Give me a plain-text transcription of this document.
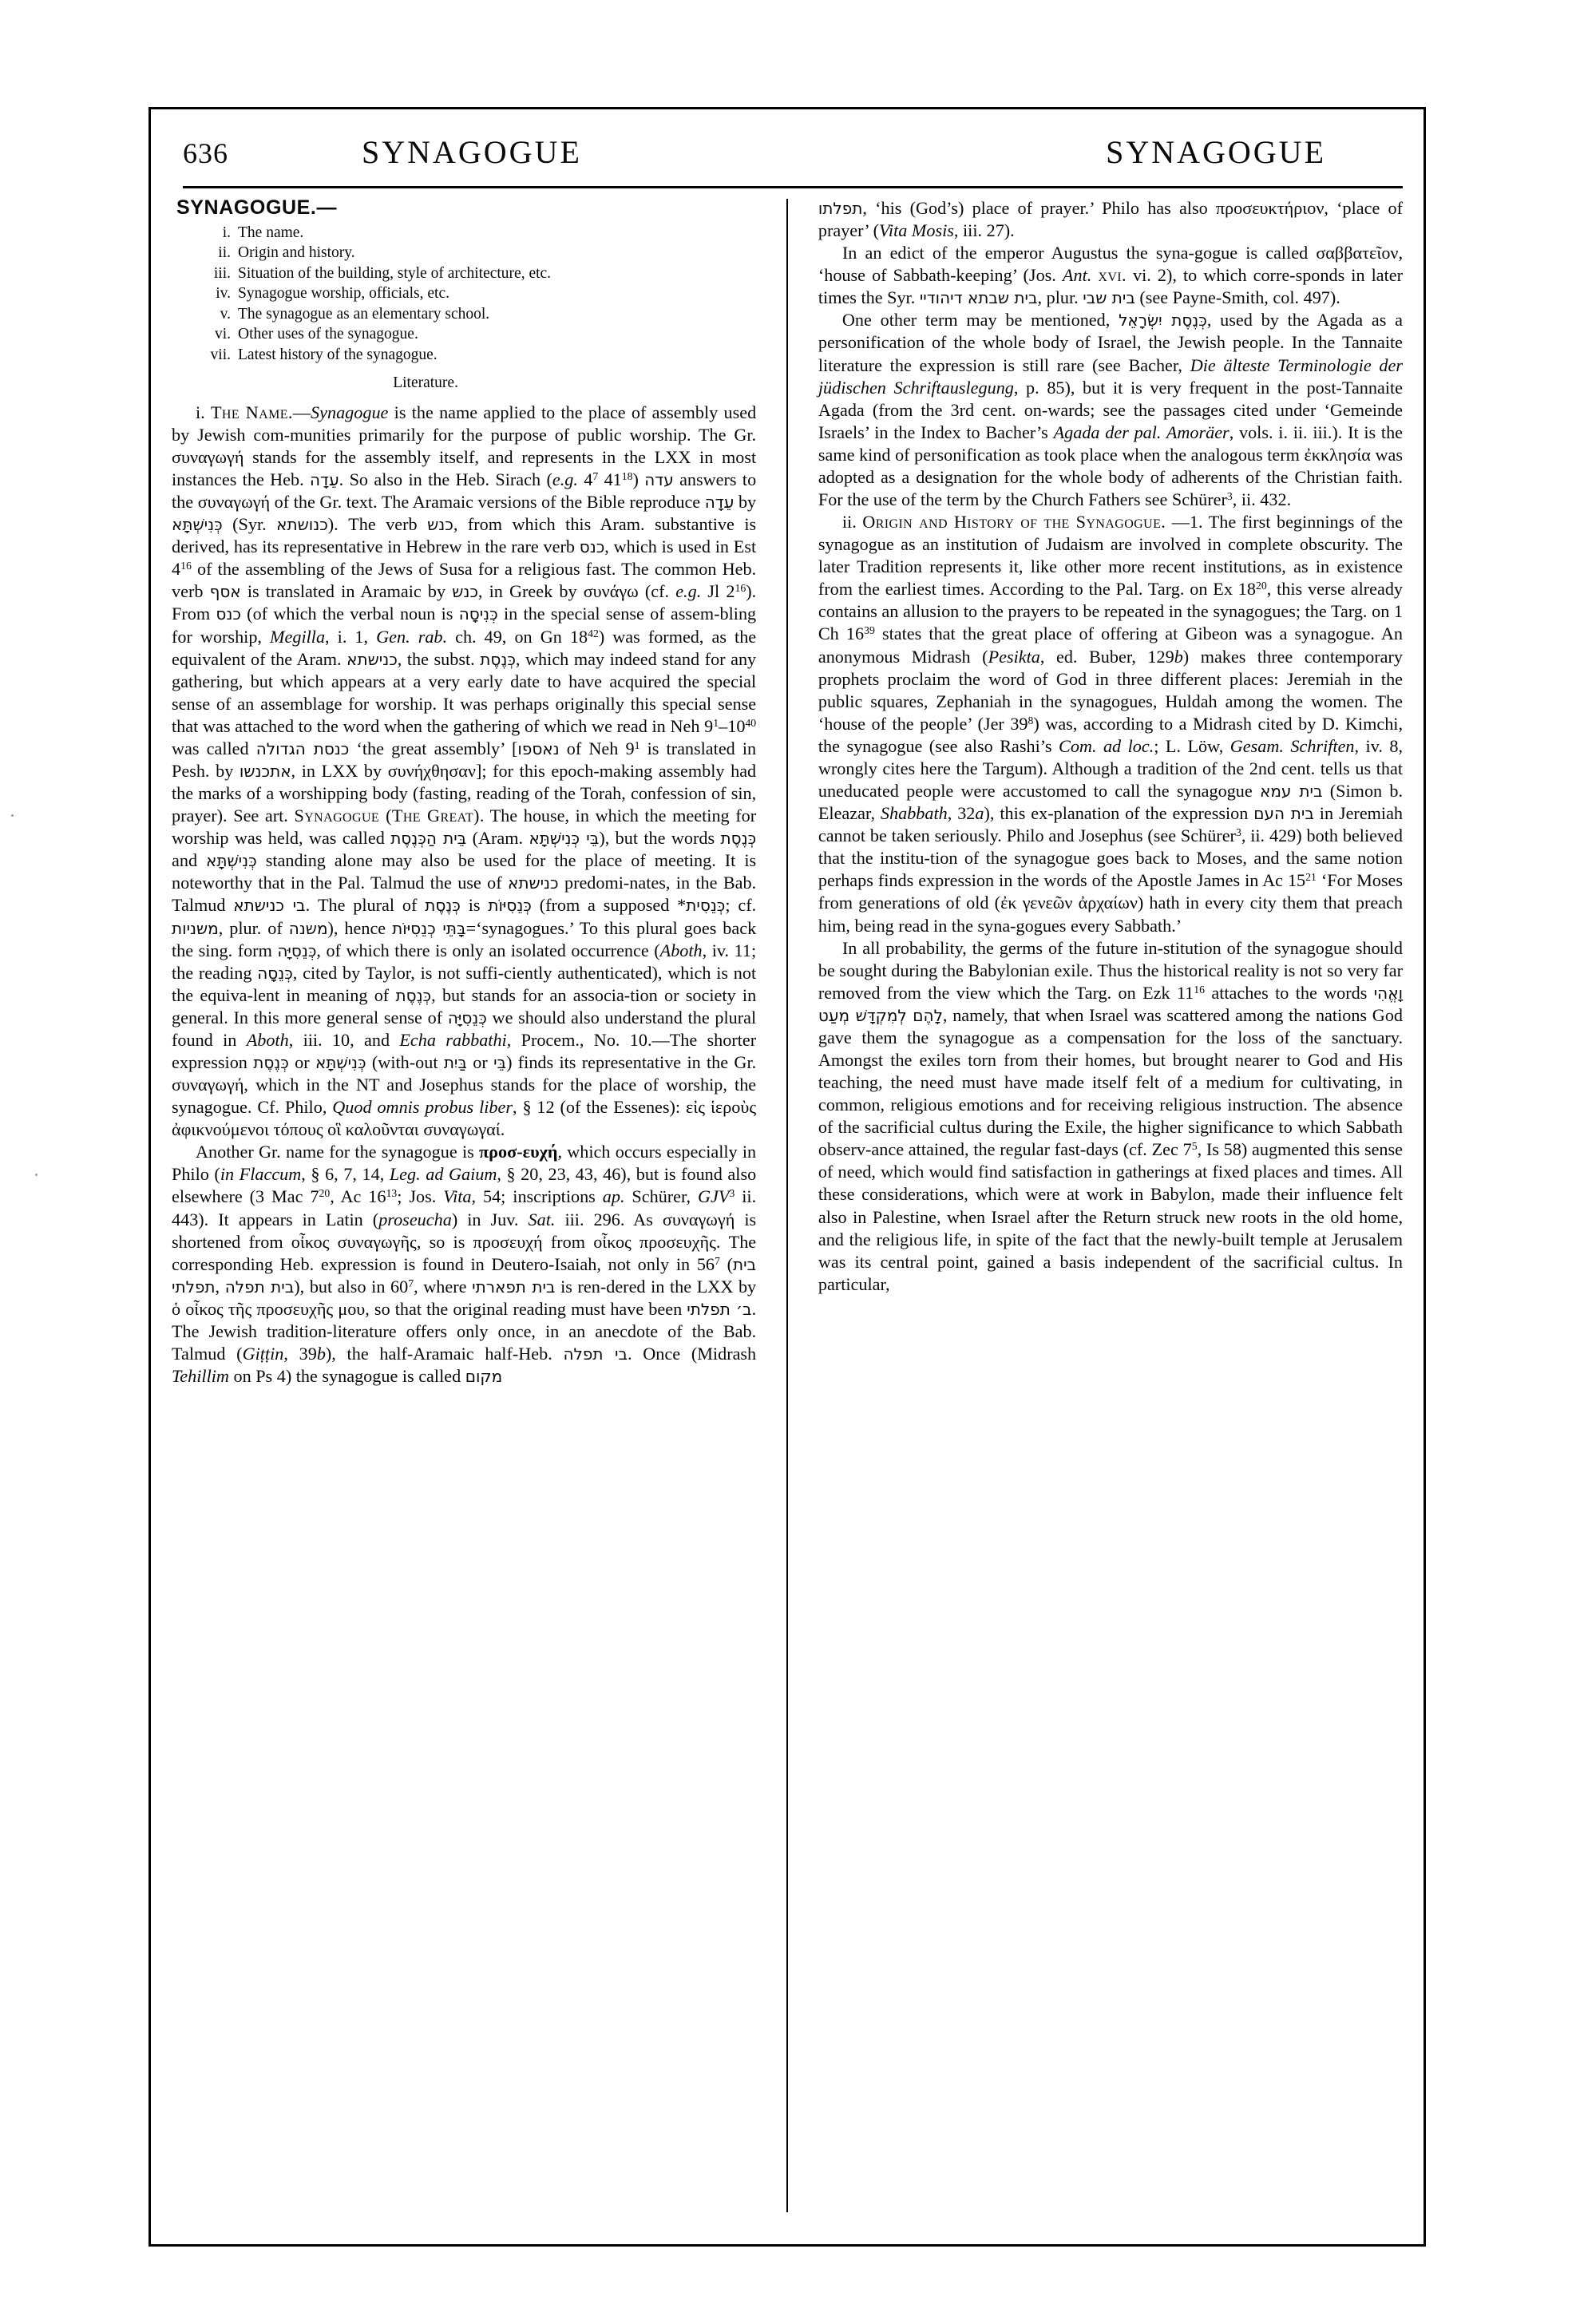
636	SYNAGOGUE	SYNAGOGUE
SYNAGOGUE.—
i. The name.
ii. Origin and history.
iii. Situation of the building, style of architecture, etc.
iv. Synagogue worship, officials, etc.
v. The synagogue as an elementary school.
vi. Other uses of the synagogue.
vii. Latest history of the synagogue.
Literature.

i. The Name.—Synagogue is the name applied to the place of assembly used by Jewish com-munities primarily for the purpose of public worship. The Gr. συναγωγή stands for the assembly itself, and represents in the LXX in most instances the Heb. עֵדָה. So also in the Heb. Sirach (e.g. $4^7$ $41^{18}$) עדה answers to the συναγωγή of the Gr. text. The Aramaic versions of the Bible reproduce עֵדָה by כְּנִישְׁתָּא (Syr. כנושתא). The verb כנש, from which this Aram. substantive is derived, has its representative in Hebrew in the rare verb כנס, which is used in Est $4^{16}$ of the assembling of the Jews of Susa for a religious fast. The common Heb. verb אסף is translated in Aramaic by כנש, in Greek by συνάγω (cf. e.g. Jl $2^{16}$). From כנס (of which the verbal noun is כְּנִיסָה in the special sense of assem-bling for worship, Megilla, i. 1, Gen. rab. ch. 49, on Gn $18^{42}$) was formed, as the equivalent of the Aram. כנישתא, the subst. כְּנֶסֶת, which may indeed stand for any gathering, but which appears at a very early date to have acquired the special sense of an assemblage for worship. It was perhaps originally this special sense that was attached to the word when the gathering of which we read in Neh $9^1-10^{40}$ was called כנסת הגדולה ‘the great assembly’ [נאספו of Neh $9^1$ is translated in Pesh. by אתכנשו, in LXX by συνήχθησαν]; for this epoch-making assembly had the marks of a worshipping body (fasting, reading of the Torah, confession of sin, prayer). See art. Synagogue (The Great). The house, in which the meeting for worship was held, was called בֵּית הַכְּנֶסֶת (Aram. בֵּי כְּנִישְׁתָּא), but the words כְּנֶסֶת and כְּנִישְׁתָּא standing alone may also be used for the place of meeting. It is noteworthy that in the Pal. Talmud the use of כנישתא predomi-nates, in the Bab. Talmud בי כנישתא. The plural of כְּנֶסֶת is כְּנֵסִיּוֹת (from a supposed *כְּנֵסִית; cf. משניות, plur. of משנה), hence בָּתֵּי כְנֵסִיּוֹת=‘synagogues.’ To this plural goes back the sing. form כְּנֵסִיָּה, of which there is only an isolated occurrence (Aboth, iv. 11; the reading כְּנֵסָה, cited by Taylor, is not suffi-ciently authenticated), which is not the equiva-lent in meaning of כְּנֶסֶת, but stands for an associa-tion or society in general. In this more general sense of כְּנֵסִיָּה we should also understand the plural found in Aboth, iii. 10, and Echa rabbathi, Procem., No. 10.—The shorter expression כְּנֶסֶת or כְּנִישְׁתָּא (with-out בַּיִת or בֵּי) finds its representative in the Gr. συναγωγή, which in the NT and Josephus stands for the place of worship, the synagogue. Cf. Philo, Quod omnis probus liber, § 12 (of the Essenes): εἰς ἱεροὺς ἀφικνούμενοι τόπους οἳ καλοῦνται συναγωγαί.

Another Gr. name for the synagogue is προσ-ευχή, which occurs especially in Philo (in Flaccum, § 6, 7, 14, Leg. ad Gaium, § 20, 23, 43, 46), but is found also elsewhere (3 Mac $7^{20}$, Ac $16^{13}$; Jos. Vita, 54; inscriptions ap. Schürer, GJV$^3$ ii. 443). It appears in Latin (proseucha) in Juv. Sat. iii. 296. As συναγωγή is shortened from οἶκος συναγωγῆς, so is προσευχή from οἶκος προσευχῆς. The corresponding Heb. expression is found in Deutero-Isaiah, not only in $56^7$ (בית תפלתי, בית תפלה), but also in $60^7$, where בית תפארתי is ren-dered in the LXX by ὁ οἶκος τῆς προσευχῆς μου, so that the original reading must have been ב׳ תפלתי. The Jewish tradition-literature offers only once, in an anecdote of the Bab. Talmud (Giṭṭin, 39b), the half-Aramaic half-Heb. בי תפלה. Once (Midrash Tehillim on Ps 4) the synagogue is called מקום

תפלתו, ‘his (God’s) place of prayer.’ Philo has also προσευκτήριον, ‘place of prayer’ (Vita Mosis, iii. 27).

In an edict of the emperor Augustus the syna-gogue is called σαββατεῖον, ‘house of Sabbath-keeping’ (Jos. Ant. xvi. vi. 2), to which corre-sponds in later times the Syr. בית שבתא דיהודיי, plur. בית שבי (see Payne-Smith, col. 497).

One other term may be mentioned, כְּנֶסֶת יִשְׂרָאֵל, used by the Agada as a personification of the whole body of Israel, the Jewish people. In the Tannaite literature the expression is still rare (see Bacher, Die älteste Terminologie der jüdischen Schriftauslegung, p. 85), but it is very frequent in the post-Tannaite Agada (from the 3rd cent. on-wards; see the passages cited under ‘Gemeinde Israels’ in the Index to Bacher’s Agada der pal. Amoräer, vols. i. ii. iii.). It is the same kind of personification as took place when the analogous term ἐκκλησία was adopted as a designation for the whole body of adherents of the Christian faith. For the use of the term by the Church Fathers see Schürer$^3$, ii. 432.

ii. Origin and History of the Synagogue. —1. The first beginnings of the synagogue as an institution of Judaism are involved in complete obscurity. The later Tradition represents it, like other more recent institutions, as in existence from the earliest times. According to the Pal. Targ. on Ex $18^{20}$, this verse already contains an allusion to the prayers to be repeated in the synagogues; the Targ. on 1 Ch $16^{39}$ states that the great place of offering at Gibeon was a synagogue. An anonymous Midrash (Pesikta, ed. Buber, 129b) makes three contemporary prophets proclaim the word of God in three different places: Jeremiah in the public squares, Zephaniah in the synagogues, Huldah among the women. The ‘house of the people’ (Jer $39^8$) was, according to a Midrash cited by D. Kimchi, the synagogue (see also Rashi’s Com. ad loc.; L. Löw, Gesam. Schriften, iv. 8, wrongly cites here the Targum). Although a tradition of the 2nd cent. tells us that uneducated people were accustomed to call the synagogue בית עמא (Simon b. Eleazar, Shabbath, 32a), this ex-planation of the expression בית העם in Jeremiah cannot be taken seriously. Philo and Josephus (see Schürer$^3$, ii. 429) both believed that the institu-tion of the synagogue goes back to Moses, and the same notion perhaps finds expression in the words of the Apostle James in Ac $15^{21}$ ‘For Moses from generations of old (ἐκ γενεῶν ἀρχαίων) hath in every city them that preach him, being read in the syna-gogues every Sabbath.’

In all probability, the germs of the future in-stitution of the synagogue should be sought during the Babylonian exile. Thus the historical reality is not so very far removed from the view which the Targ. on Ezk $11^{16}$ attaches to the words וָאֱהִי לָהֶם לְמִקְדָּשׁ מְעַט, namely, that when Israel was scattered among the nations God gave them the synagogue as a compensation for the loss of the sanctuary. Amongst the exiles torn from their homes, but brought nearer to God and His teaching, the need must have made itself felt of a medium for cultivating, in common, religious emotions and for receiving religious instruction. The absence of the sacrificial cultus during the Exile, the higher significance to which Sabbath observ-ance attained, the regular fast-days (cf. Zec $7^5$, Is 58) augmented this sense of need, which would find satisfaction in gatherings at fixed places and times. All these considerations, which were at work in Babylon, made their influence felt also in Palestine, when Israel after the Return struck new roots in the old home, and the religious life, in spite of the fact that the newly-built temple at Jerusalem was its central point, gained a basis independent of the sacrificial cultus. In particular,
